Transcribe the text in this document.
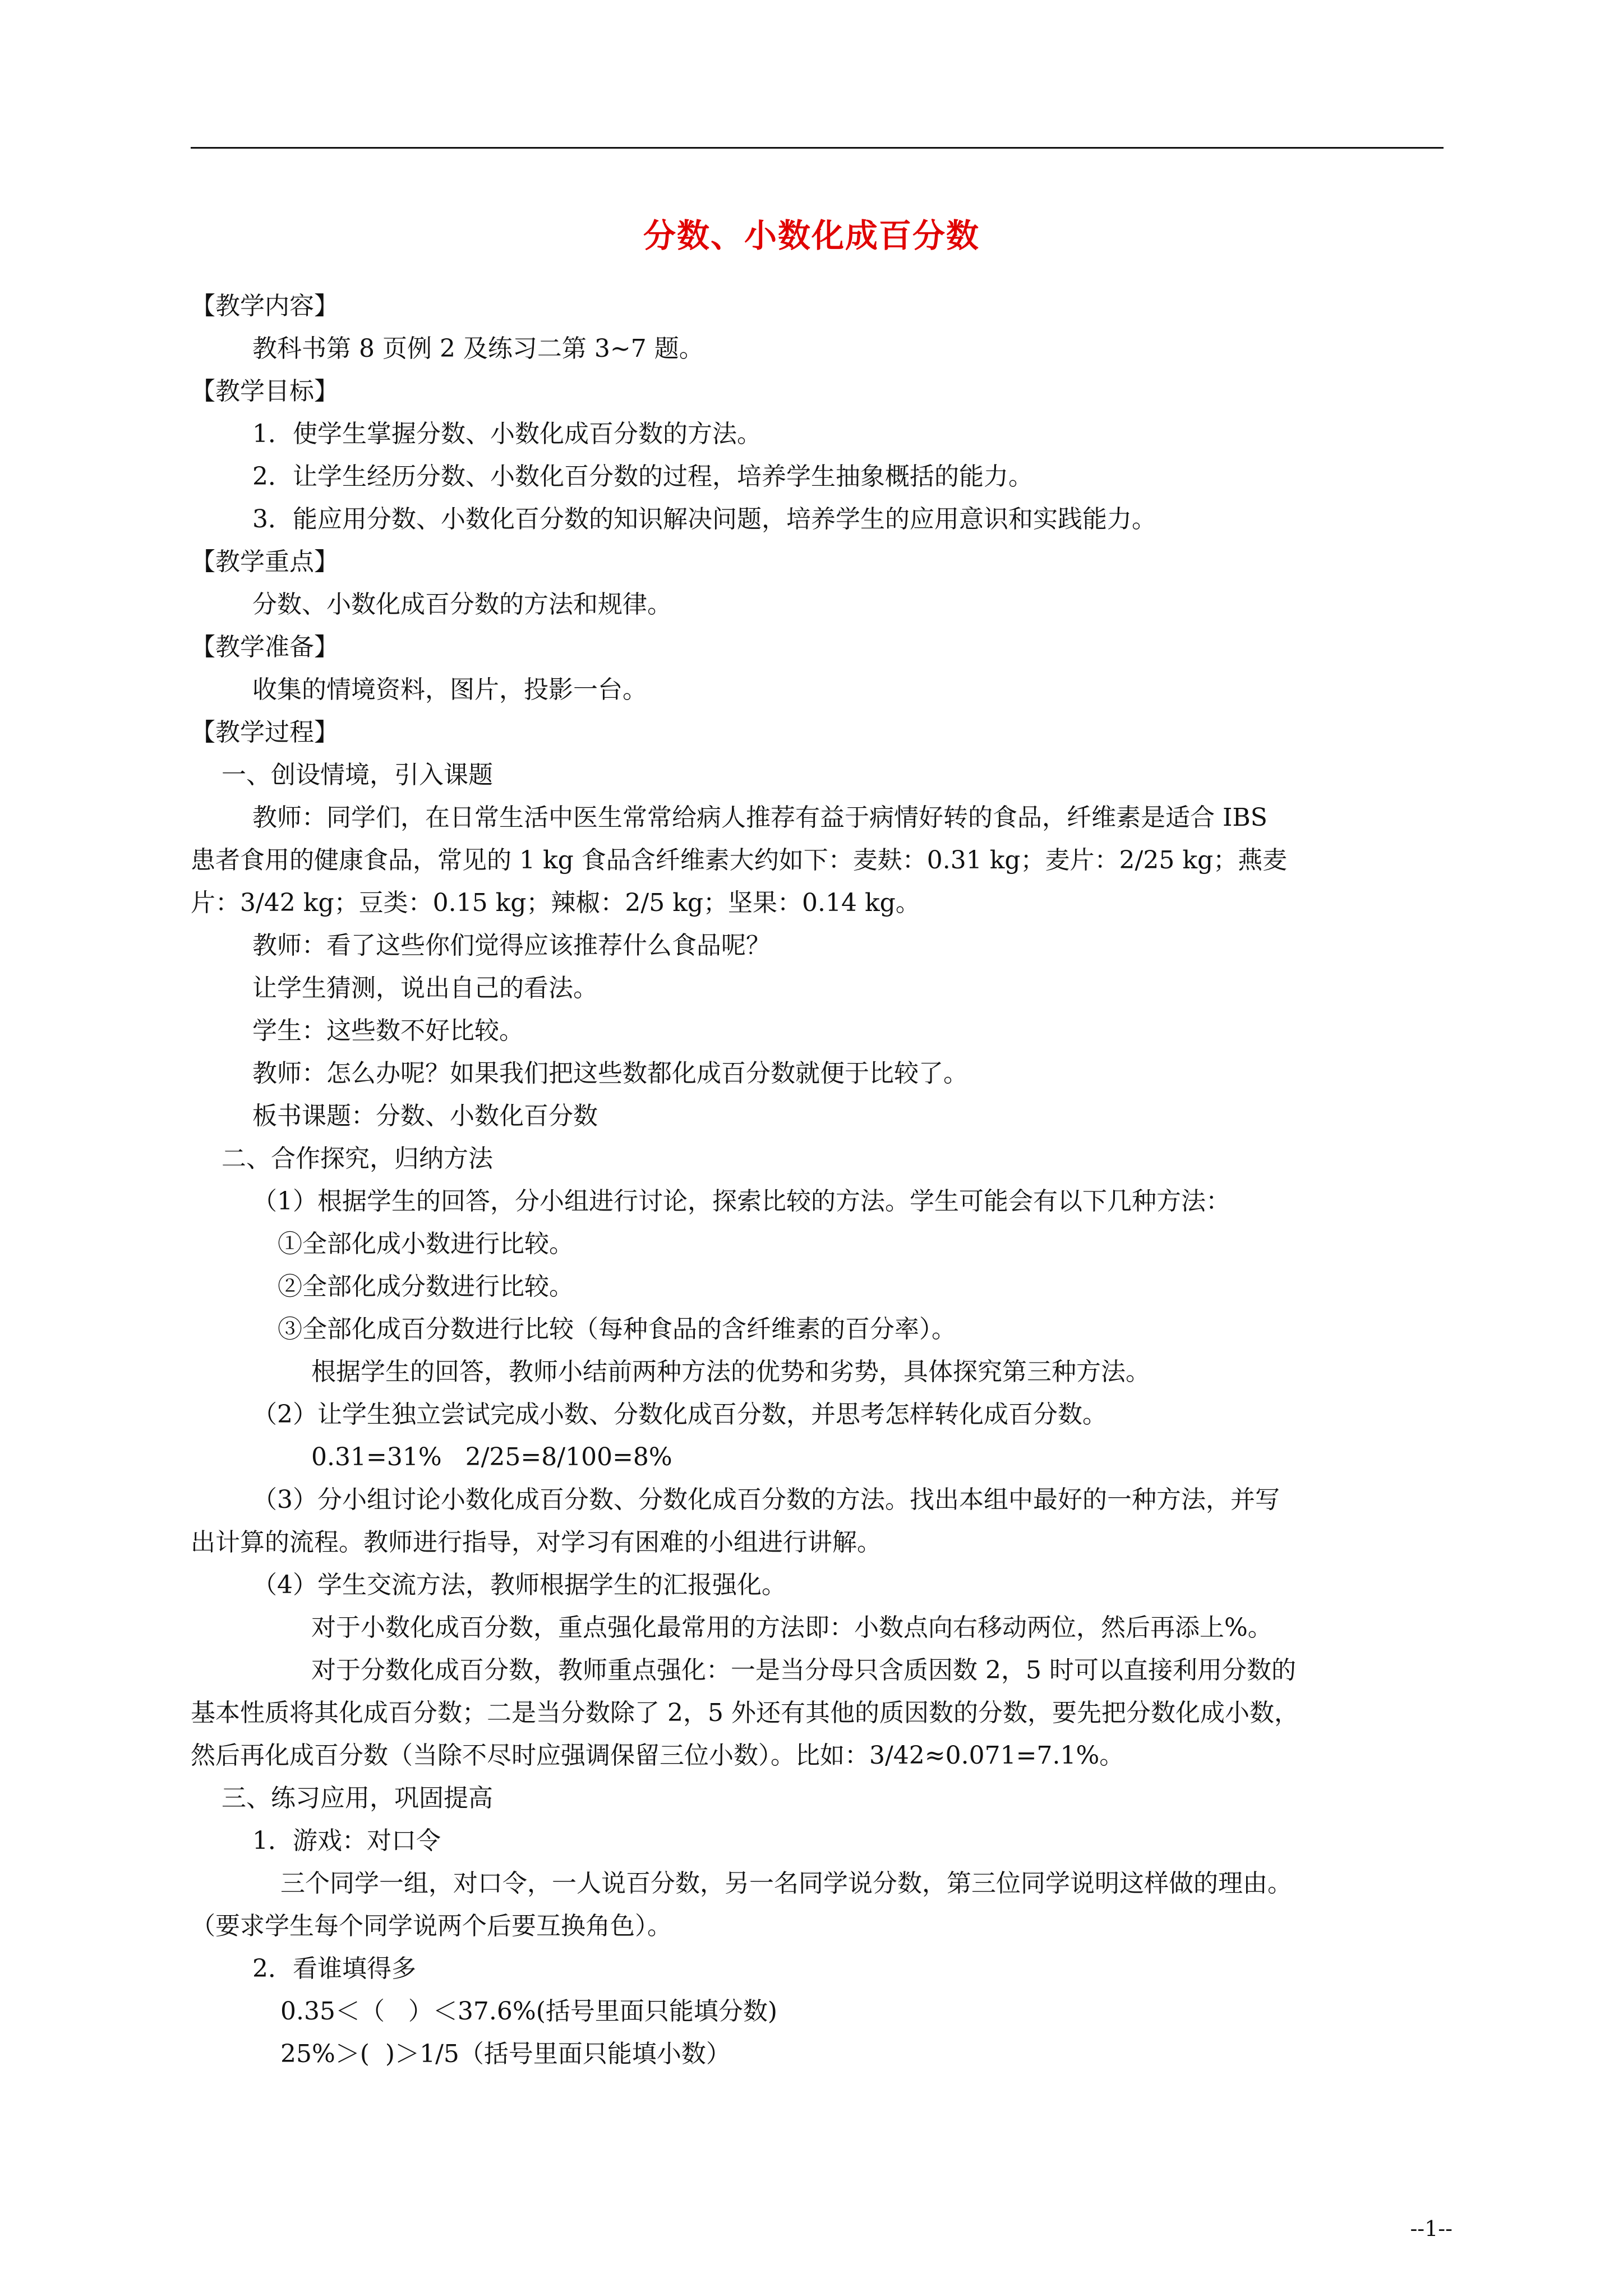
分数、小数化成百分数

【教学内容】

教科书第 8 页例 2 及练习二第 3~7 题。

【教学目标】

1．使学生掌握分数、小数化成百分数的方法。

2．让学生经历分数、小数化百分数的过程，培养学生抽象概括的能力。

3．能应用分数、小数化百分数的知识解决问题，培养学生的应用意识和实践能力。

【教学重点】

分数、小数化成百分数的方法和规律。

【教学准备】

收集的情境资料，图片，投影一台。

【教学过程】

一、创设情境，引入课题

教师：同学们，在日常生活中医生常常给病人推荐有益于病情好转的食品，纤维素是适合 IBS

患者食用的健康食品，常见的 1 kg 食品含纤维素大约如下：麦麸：0.31 kg；麦片：2/25 kg；燕麦

片：3/42 kg；豆类：0.15 kg；辣椒：2/5 kg；坚果：0.14 kg。

教师：看了这些你们觉得应该推荐什么食品呢？

让学生猜测，说出自己的看法。

学生：这些数不好比较。

教师：怎么办呢？如果我们把这些数都化成百分数就便于比较了。

板书课题：分数、小数化百分数

二、合作探究，归纳方法

（1）根据学生的回答，分小组进行讨论，探索比较的方法。学生可能会有以下几种方法：

①全部化成小数进行比较。

②全部化成分数进行比较。

③全部化成百分数进行比较（每种食品的含纤维素的百分率）。

根据学生的回答，教师小结前两种方法的优势和劣势，具体探究第三种方法。

（2）让学生独立尝试完成小数、分数化成百分数，并思考怎样转化成百分数。

0.31=31%   2/25=8/100=8%

（3）分小组讨论小数化成百分数、分数化成百分数的方法。找出本组中最好的一种方法，并写

出计算的流程。教师进行指导，对学习有困难的小组进行讲解。

（4）学生交流方法，教师根据学生的汇报强化。

对于小数化成百分数，重点强化最常用的方法即：小数点向右移动两位，然后再添上%。

对于分数化成百分数，教师重点强化：一是当分母只含质因数 2，5 时可以直接利用分数的

基本性质将其化成百分数；二是当分数除了 2，5 外还有其他的质因数的分数，要先把分数化成小数，

然后再化成百分数（当除不尽时应强调保留三位小数）。比如：3/42≈0.071=7.1%。

三、练习应用，巩固提高

1．游戏：对口令

三个同学一组，对口令，一人说百分数，另一名同学说分数，第三位同学说明这样做的理由。

（要求学生每个同学说两个后要互换角色）。

2．看谁填得多

0.35＜（   ）＜37.6%(括号里面只能填分数)

25%＞(  )＞1/5（括号里面只能填小数）

--1--
